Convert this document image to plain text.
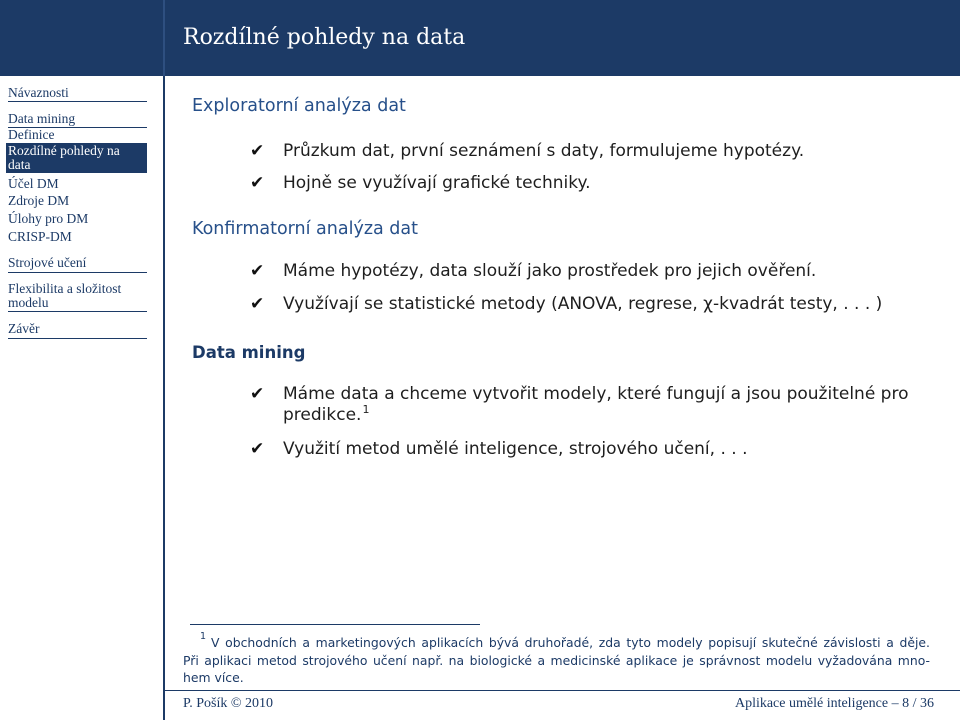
Rozdílné pohledy na data
Návaznosti
Data mining
Definice
Rozdílné pohledy na data
Účel DM
Zdroje DM
Úlohy pro DM
CRISP-DM
Strojové učení
Flexibilita a složitost modelu
Závěr
Exploratorní analýza dat
✔
Průzkum dat, první seznámení s daty, formulujeme hypotézy.
✔
Hojně se využívají grafické techniky.
Konfirmatorní analýza dat
✔
Máme hypotézy, data slouží jako prostředek pro jejich ověření.
✔
Využívají se statistické metody (ANOVA, regrese, χ-kvadrát testy, . . . )
Data mining
✔
Máme data a chceme vytvořit modely, které fungují a jsou použitelné pro predikce.$^1$
✔
Využití metod umělé inteligence, strojového učení, . . .
1 V obchodních a marketingových aplikacích bývá druhořadé, zda tyto modely popisují skutečné závislosti a děje.
Při aplikaci metod strojového učení např. na biologické a medicinské aplikace je správnost modelu vyžadována mno-
hem více.
P. Pošík © 2010	Aplikace umělé inteligence – 8 / 36
